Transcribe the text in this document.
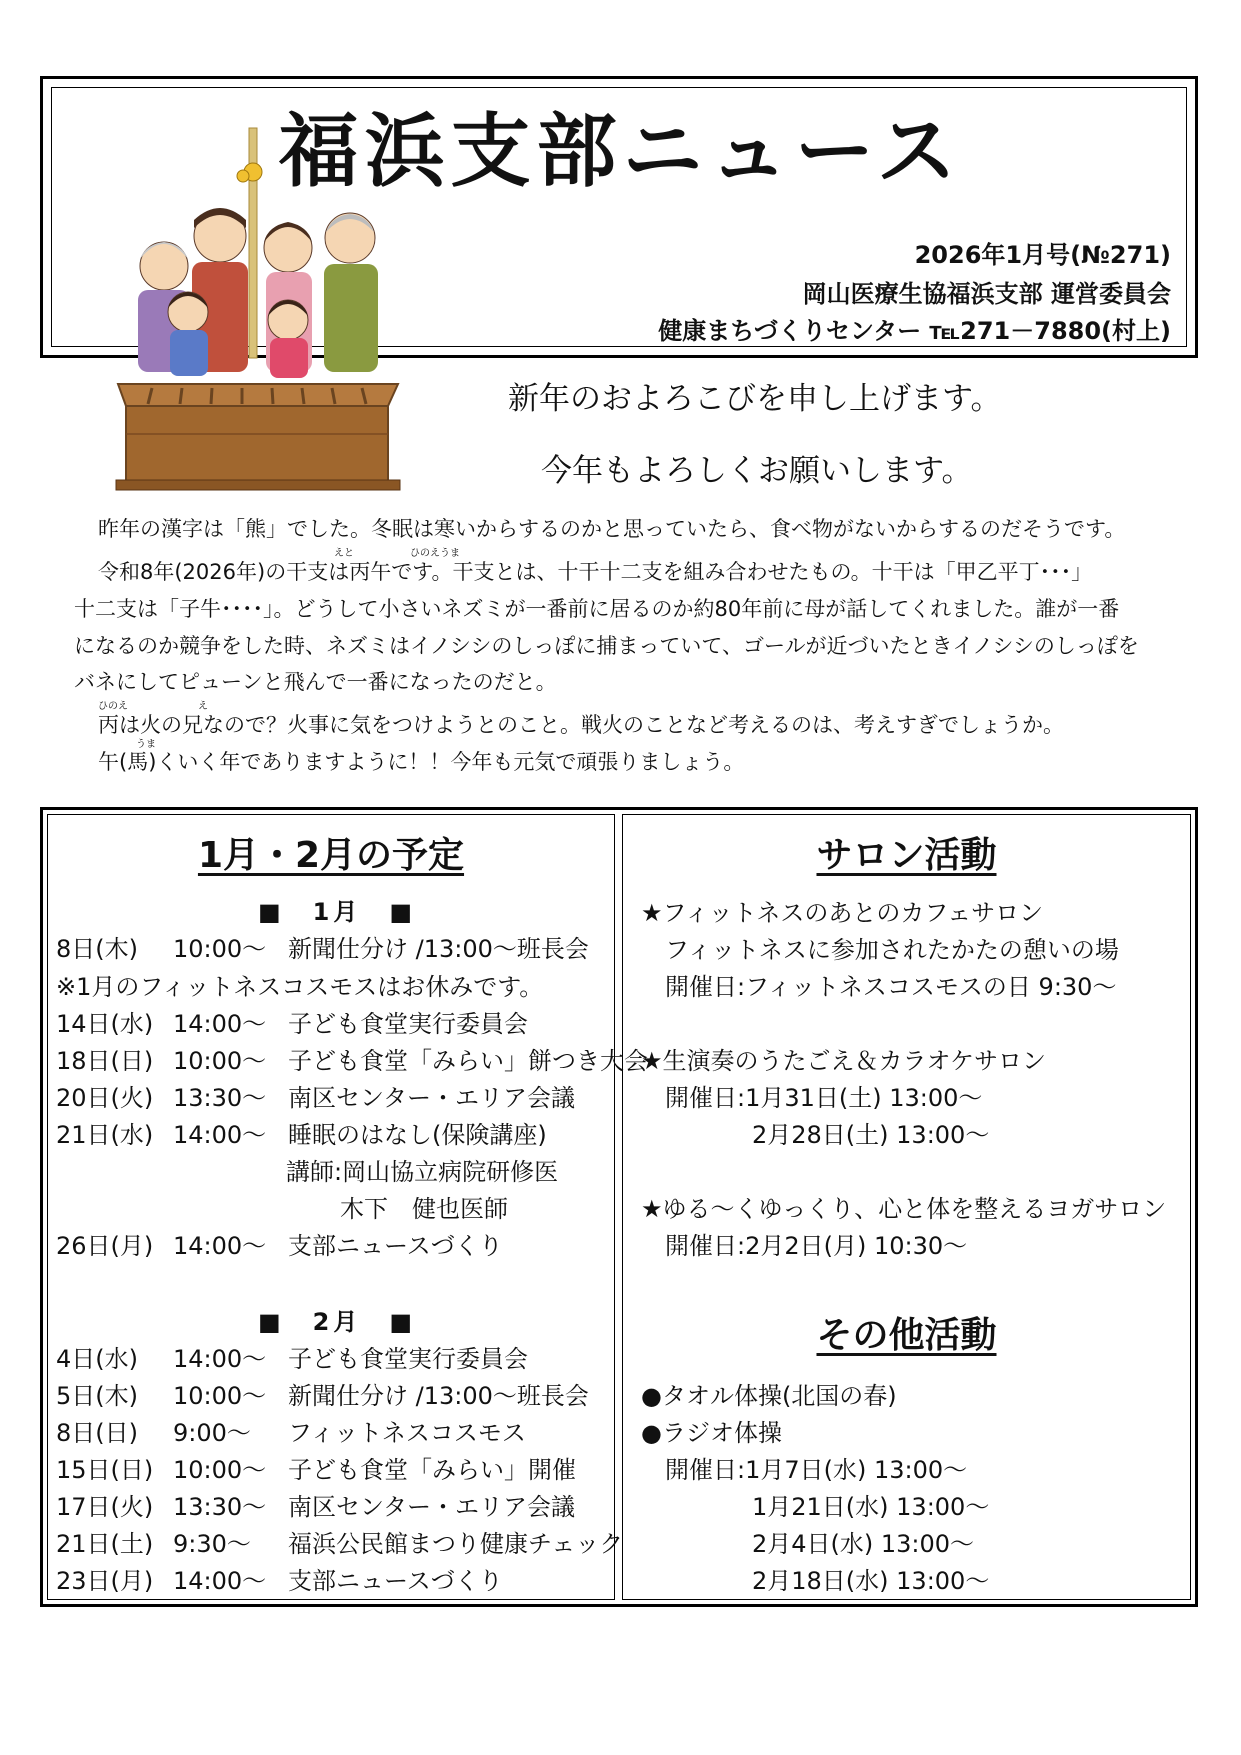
福浜支部ニュース
2026年1月号(№271)
岡山医療生協福浜支部 運営委員会
健康まちづくりセンター ℡271－7880(村上)
新年のおよろこびを申し上げます。
今年もよろしくお願いします。
昨年の漢字は「熊」でした。冬眠は寒いからするのかと思っていたら、食べ物がないからするのだそうです。
えと	ひのえうま
令和8年(2026年)の干支は丙午です。干支とは、十干十二支を組み合わせたもの。十干は「甲乙平丁･･･」
十二支は「子牛････」。どうして小さいネズミが一番前に居るのか約80年前に母が話してくれました。誰が一番
になるのか競争をした時、ネズミはイノシシのしっぽに捕まっていて、ゴールが近づいたときイノシシのしっぽを
バネにしてピューンと飛んで一番になったのだと。
ひのえ	え
丙は火の兄なので？火事に気をつけようとのこと。戦火のことなど考えるのは、考えすぎでしょうか。
うま
午(馬)くいく年でありますように！！今年も元気で頑張りましょう。
1月・2月の予定
■　1月　■
8日(木) 10:00～ 新聞仕分け /13:00～班長会
※1月のフィットネスコスモスはお休みです。
14日(水) 14:00～ 子ども食堂実行委員会
18日(日) 10:00～ 子ども食堂「みらい」餅つき大会
20日(火) 13:30～ 南区センター・エリア会議
21日(水) 14:00～ 睡眠のはなし(保険講座)
講師:岡山協立病院研修医
木下　健也医師
26日(月) 14:00～ 支部ニュースづくり
■　2月　■
4日(水) 14:00～ 子ども食堂実行委員会
5日(木) 10:00～ 新聞仕分け /13:00～班長会
8日(日) 9:00～ フィットネスコスモス
15日(日) 10:00～ 子ども食堂「みらい」開催
17日(火) 13:30～ 南区センター・エリア会議
21日(土) 9:30～ 福浜公民館まつり健康チェック
23日(月) 14:00～ 支部ニュースづくり
サロン活動
★フィットネスのあとのカフェサロン
フィットネスに参加されたかたの憩いの場
開催日:フィットネスコスモスの日 9:30～
★生演奏のうたごえ＆カラオケサロン
開催日:1月31日(土) 13:00～
2月28日(土) 13:00～
★ゆる～くゆっくり、心と体を整えるヨガサロン
開催日:2月2日(月) 10:30～
その他活動
●タオル体操(北国の春)
●ラジオ体操
開催日:1月7日(水) 13:00～
1月21日(水) 13:00～
2月4日(水) 13:00～
2月18日(水) 13:00～
